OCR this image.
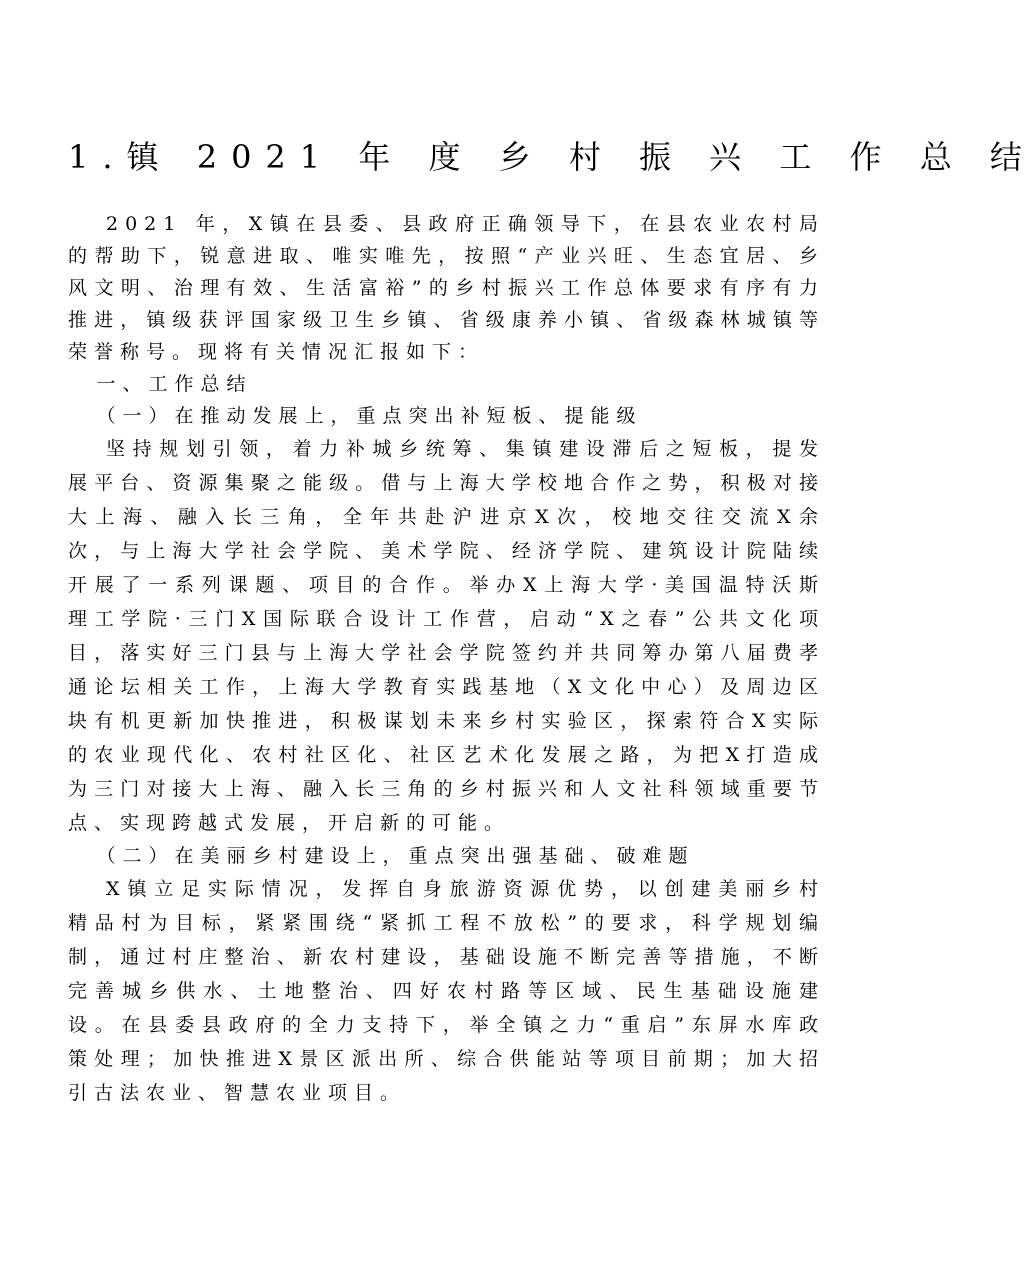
1.镇 2021 年 度 乡 村 振 兴 工 作 总 结

2021 年，X镇在县委、县政府正确领导下，在县农业农村局的帮助下，锐意进取、唯实唯先，按照“产业兴旺、生态宜居、乡风文明、治理有效、生活富裕”的乡村振兴工作总体要求有序有力推进，镇级获评国家级卫生乡镇、省级康养小镇、省级森林城镇等荣誉称号。现将有关情况汇报如下：

一、工作总结

（一）在推动发展上，重点突出补短板、提能级

坚持规划引领，着力补城乡统筹、集镇建设滞后之短板，提发展平台、资源集聚之能级。借与上海大学校地合作之势，积极对接大上海、融入长三角，全年共赴沪进京X次，校地交往交流X余次，与上海大学社会学院、美术学院、经济学院、建筑设计院陆续开展了一系列课题、项目的合作。举办X上海大学·美国温特沃斯理工学院·三门X国际联合设计工作营，启动“X之春”公共文化项目，落实好三门县与上海大学社会学院签约并共同筹办第八届费孝通论坛相关工作，上海大学教育实践基地（X文化中心）及周边区块有机更新加快推进，积极谋划未来乡村实验区，探索符合X实际的农业现代化、农村社区化、社区艺术化发展之路，为把X打造成为三门对接大上海、融入长三角的乡村振兴和人文社科领域重要节点、实现跨越式发展，开启新的可能。

（二）在美丽乡村建设上，重点突出强基础、破难题

X镇立足实际情况，发挥自身旅游资源优势，以创建美丽乡村精品村为目标，紧紧围绕“紧抓工程不放松”的要求，科学规划编制，通过村庄整治、新农村建设，基础设施不断完善等措施，不断完善城乡供水、土地整治、四好农村路等区域、民生基础设施建设。在县委县政府的全力支持下，举全镇之力“重启”东屏水库政策处理；加快推进X景区派出所、综合供能站等项目前期；加大招引古法农业、智慧农业项目。
